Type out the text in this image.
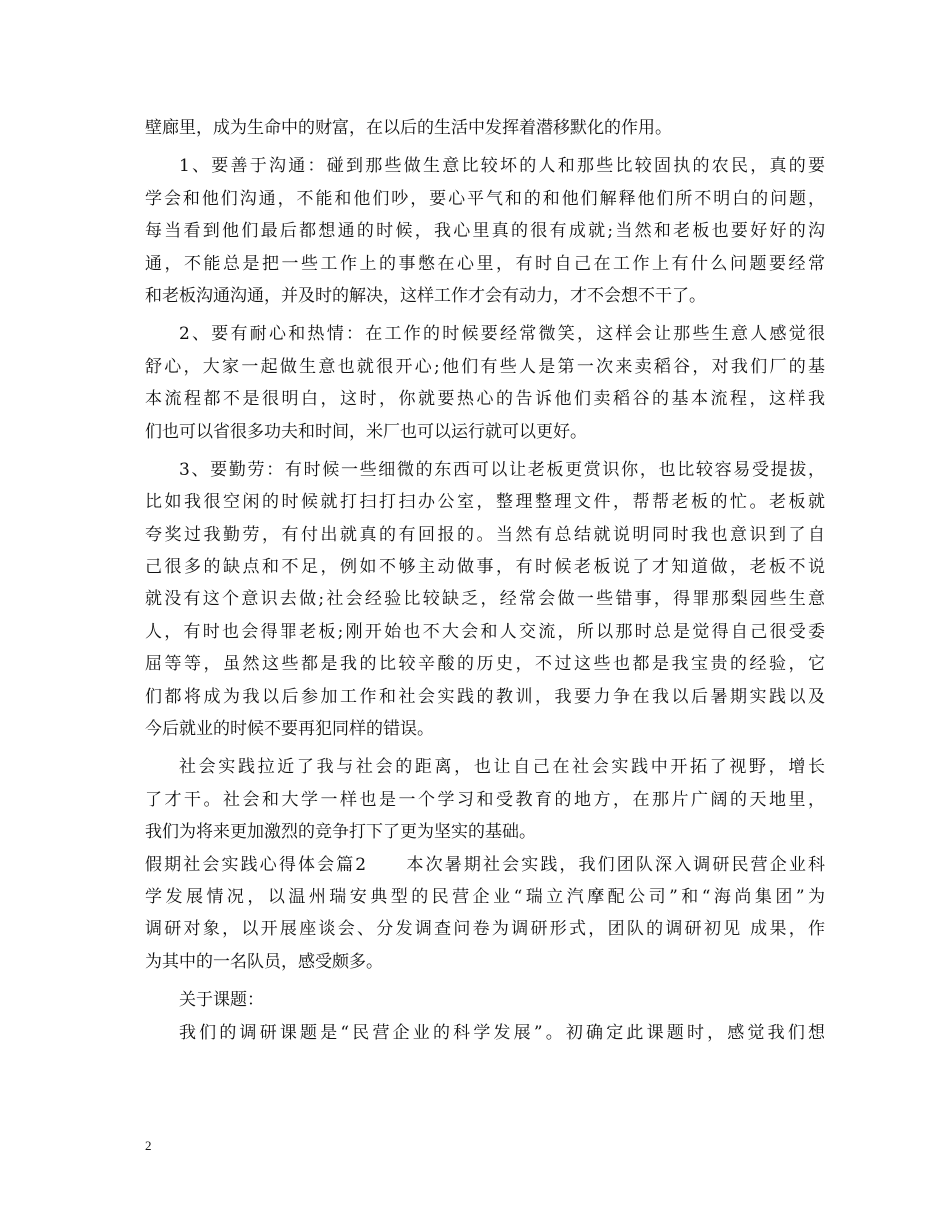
壁廊里，成为生命中的财富，在以后的生活中发挥着潜移默化的作用。
1、要善于沟通：碰到那些做生意比较坏的人和那些比较固执的农民，真的要
学会和他们沟通，不能和他们吵，要心平气和的和他们解释他们所不明白的问题，
每当看到他们最后都想通的时候，我心里真的很有成就;当然和老板也要好好的沟
通，不能总是把一些工作上的事憋在心里，有时自己在工作上有什么问题要经常
和老板沟通沟通，并及时的解决，这样工作才会有动力，才不会想不干了。
2、要有耐心和热情：在工作的时候要经常微笑，这样会让那些生意人感觉很
舒心，大家一起做生意也就很开心;他们有些人是第一次来卖稻谷，对我们厂的基
本流程都不是很明白，这时，你就要热心的告诉他们卖稻谷的基本流程，这样我
们也可以省很多功夫和时间，米厂也可以运行就可以更好。
3、要勤劳：有时候一些细微的东西可以让老板更赏识你，也比较容易受提拔，
比如我很空闲的时候就打扫打扫办公室，整理整理文件，帮帮老板的忙。老板就
夸奖过我勤劳，有付出就真的有回报的。当然有总结就说明同时我也意识到了自
己很多的缺点和不足，例如不够主动做事，有时候老板说了才知道做，老板不说
就没有这个意识去做;社会经验比较缺乏，经常会做一些错事，得罪那梨园些生意
人，有时也会得罪老板;刚开始也不大会和人交流，所以那时总是觉得自己很受委
屈等等，虽然这些都是我的比较辛酸的历史，不过这些也都是我宝贵的经验，它
们都将成为我以后参加工作和社会实践的教训，我要力争在我以后暑期实践以及
今后就业的时候不要再犯同样的错误。
社会实践拉近了我与社会的距离，也让自己在社会实践中开拓了视野，增长
了才干。社会和大学一样也是一个学习和受教育的地方，在那片广阔的天地里，
我们为将来更加激烈的竞争打下了更为坚实的基础。
假期社会实践心得体会篇2　　本次暑期社会实践，我们团队深入调研民营企业科
学发展情况，以温州瑞安典型的民营企业“瑞立汽摩配公司”和“海尚集团”为
调研对象，以开展座谈会、分发调查问卷为调研形式，团队的调研初见 成果，作
为其中的一名队员，感受颇多。
关于课题：
我们的调研课题是“民营企业的科学发展”。初确定此课题时，感觉我们想
2
